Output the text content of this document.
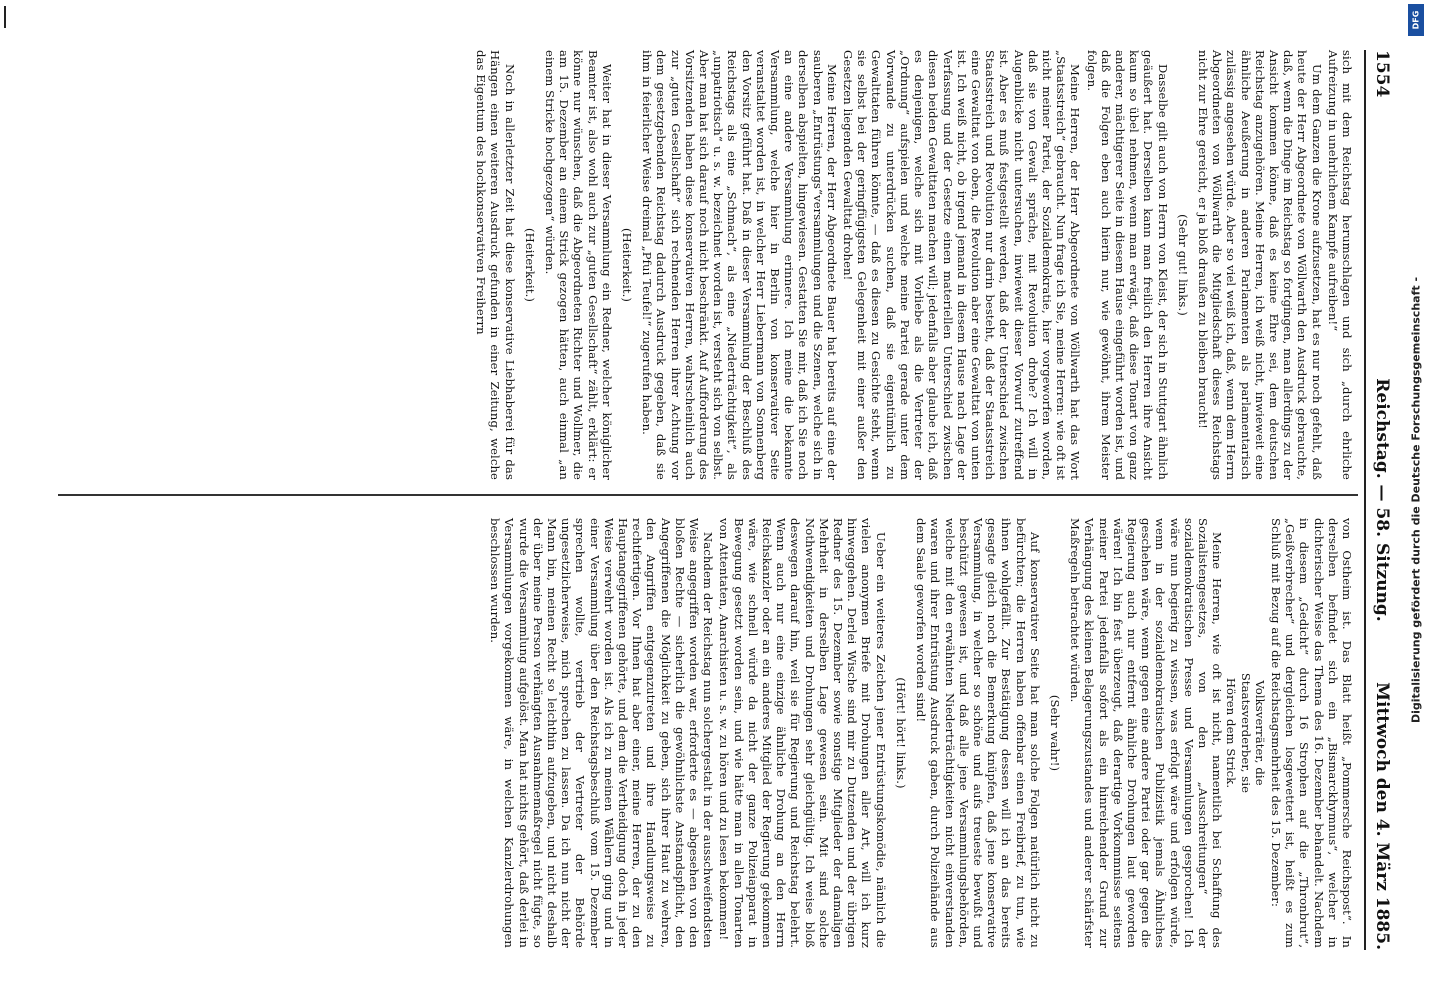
1554
Reichstag. — 58. Sitzung.
Mittwoch den 4. März 1885.

sich mit dem Reichstag herumschlagen und sich „durch ehrliche Aufreizung in unehrlichem Kampfe aufreiben!“

Um dem Ganzen die Krone aufzusetzen, hat es nur noch gefehlt, daß heute der Herr Abgeordnete von Wöllwarth den Ausdruck gebrauchte, daß, wenn die Dinge im Reichstag so fortgingen, man allerdings zu der Ansicht kommen könne, daß es keine Ehre sei, dem deutschen Reichstag anzugehören. Meine Herren, ich weiß nicht, inwieweit eine ähnliche Aeußerung in anderen Parlamenten als parlamentarisch zulässig angesehen würde. Aber so viel weiß ich, daß, wenn dem Herrn Abgeordneten von Wöllwarth die Mitgliedschaft dieses Reichstags nicht zur Ehre gereicht, er ja bloß draußen zu bleiben braucht!

(Sehr gut! links.)

Dasselbe gilt auch von Herrn von Kleist, der sich in Stuttgart ähnlich geäußert hat. Derselben kann man freilich den Herren ihre Ansicht kaum so übel nehmen, wenn man erwägt, daß diese Tonart von ganz anderer, mächtigerer Seite in diesem Hause eingeführt worden ist, und daß die Folgen eben auch hierin nur, wie gewöhnt, ihrem Meister folgen.

Meine Herren, der Herr Abgeordnete von Wöllwarth hat das Wort „Staatsstreich“ gebraucht. Nun frage ich Sie, meine Herren: wie oft ist nicht meiner Partei, der Sozialdemokratie, hier vorgeworfen worden, daß sie von Gewalt spräche, mit Revolution drohe? Ich will in Augenblicke nicht untersuchen, inwieweit dieser Vorwurf zutreffend ist. Aber es muß festgestellt werden, daß der Unterschied zwischen Staatsstreich und Revolution nur darin besteht, daß der Staatsstreich eine Gewalttat von oben, die Revolution aber eine Gewalttat von unten ist. Ich weiß nicht, ob irgend jemand in diesem Hause nach Lage der Verfassung und der Gesetze einen materiellen Unterschied zwischen diesen beiden Gewalttaten machen will; jedenfalls aber glaube ich, daß es denjenigen, welche sich mit Vorliebe als die Vertreter der „Ordnung“ aufspielen und welche meine Partei gerade unter dem Vorwande zu unterdrücken suchen, daß sie eigentümlich zu Gewalttaten führen könnte, — daß es diesen zu Gesichte steht, wenn sie selbst bei der geringfügigsten Gelegenheit mit einer außer den Gesetzen liegenden Gewalttat drohen!

Meine Herren, der Herr Abgeordnete Bauer hat bereits auf eine der sauberen „Entrüstungs“versammlungen und die Szenen, welche sich in derselben abspielten, hingewiesen. Gestatten Sie mir, daß ich Sie noch an eine andere Versammlung erinnere. Ich meine die bekannte Versammlung, welche hier in Berlin von konservativer Seite veranstaltet worden ist, in welcher Herr Liebermann von Sonnenberg den Vorsitz geführt hat. Daß in dieser Versammlung der Beschluß des Reichstags als eine „Schmach“, als eine „Niederträchtigkeit“, als „unpatriotisch“ u. s. w. bezeichnet worden ist, versteht sich von selbst. Aber man hat sich darauf noch nicht beschränkt. Auf Aufforderung des Vorsitzenden haben diese konservativen Herren, wahrscheinlich auch zur „guten Gesellschaft“ sich rechnenden Herren ihrer Achtung vor dem gesetzgebenden Reichstag dadurch Ausdruck gegeben, daß sie ihm in feierlicher Weise dreimal „Pfui Teufel!“ zugerufen haben.

(Heiterkeit.)

Weiter hat in dieser Versammlung ein Redner, welcher königlicher Beamter ist, also wohl auch zur „guten Gesellschaft“ zählt, erklärt: er könne nur wünschen, daß die Abgeordneten Richter und Wollmer, die am 15. Dezember an einem Strick gezogen hätten, auch einmal „an einem Stricke hochgezogen“ würden.

(Heiterkeit.)

Noch in allerletzter Zeit hat diese konservative Liebhaberei für das Hängen einen weiteren Ausdruck gefunden in einer Zeitung, welche das Eigentum des hochkonservativen Freiherrn

von Ostheim ist. Das Blatt heißt „Pommersche Reichspost“. In derselben befindet sich ein „Bismarckhymnus“, welcher in dichterischer Weise das Thema des 16. Dezember behandelt. Nachdem in diesem „Gedicht“ durch 16 Strophen auf die „Thronbrut“, „Geißverbrecher“ und dergleichen losgewettert ist, heißt es zum Schluß mit Bezug auf die Reichstagsmehrheit des 15. Dezember:

Volksverräter, die

Staatsverderber, sie

Hören dem Strick.

Meine Herren, wie oft ist nicht, namentlich bei Schaffung des Sozialistengesetzes, von den „Ausschreitungen“ der sozialdemokratischen Presse und Versammlungen gesprochen! Ich wäre nun begierig zu wissen, was erfolgt wäre und erfolgen würde, wenn in der sozialdemokratischen Publizistik jemals Ähnliches geschehen wäre, wenn gegen eine andere Partei oder gar gegen die Regierung auch nur entfernt ähnliche Drohungen laut geworden wären! Ich bin fest überzeugt, daß derartige Vorkommnisse seitens meiner Partei jedenfalls sofort als ein hinreichender Grund zur Verhängung des kleinen Belagerungszustandes und anderer schärfster Maßregeln betrachtet würden.

(Sehr wahr!)

Auf konservativer Seite hat man solche Folgen natürlich nicht zu befürchten; die Herren haben offenbar einen Freibrief, zu tun, wie ihnen wohlgefällt. Zur Bestätigung dessen will ich an das bereits gesagte gleich noch die Bemerkung knüpfen, daß jene konservative Versammlung, in welcher so schöne und aufs treueste bewußt und beschützt gewesen ist, und daß alle jene Versammlungsbehörden, welche mit den erwähnten Niederträchtigkeiten nicht einverstanden waren und ihrer Entrüstung Ausdruck gaben, durch Polizeihände aus dem Saale geworfen worden sind!

(Hört! hört! links.)

Ueber ein weiteres Zeichen jener Entrüstungskomödie, nämlich die vielen anonymen Briefe mit Drohungen aller Art, will ich kurz hinweggehen. Derlei Wische sind mir zu Dutzenden und der übrigen Redner des 15. Dezember sowie sonstige Mitglieder der damaligen Mehrheit in derselben Lage gewesen sein. Mit sind solche Nothwendigkeiten und Drohungen sehr gleichgültig. Ich weise bloß deswegen darauf hin, weil sie für Regierung und Reichstag belehrt. Wenn auch nur eine einzige ähnliche Drohung an den Herrn Reichskanzler oder an ein anderes Mitglied der Regierung gekommen wäre, wie schnell würde da nicht der ganze Polizeiapparat in Bewegung gesetzt worden sein, und wie hätte man in allen Tonarten von Attentaten, Anarchisten u. s. w. zu hören und zu lesen bekommen!

Nachdem der Reichstag nun solchergestalt in der ausschweifendsten Weise angegriffen worden war, erforderte es — abgesehen von den bloßen Rechte — sicherlich die gewöhnlichste Anstandspflicht, den Angegriffenen die Möglichkeit zu geben, sich ihrer Haut zu wehren, den Angriffen entgegenzutreten und ihre Handlungsweise zu rechtfertigen. Vor Ihnen hat aber einer, meine Herren, der zu den Hauptangegriffenen gehörte, und dem die Vertheidigung doch in jeder Weise verwehrt worden ist. Als ich zu meinen Wählern ging und in einer Versammlung über den Reichstagsbeschluß vom 15. Dezember sprechen wollte, vertrieb der Vertreter der Behörde ungesetzlicherweise, mich sprechen zu lassen. Da ich nun nicht der Mann bin, meinen Recht so leichthin aufzugeben, und nicht deshalb der über meine Person verhängten Ausnahmemaßregel nicht fügte, so wurde die Versammlung aufgelöst. Man hat nichts gehört, daß derlei in Versammlungen vorgekommen wäre, in welchen Kanzlerdrohungen beschlossen wurden.

DFG
Digitalisierung gefördert durch die Deutsche Forschungsgemeinschaft -
